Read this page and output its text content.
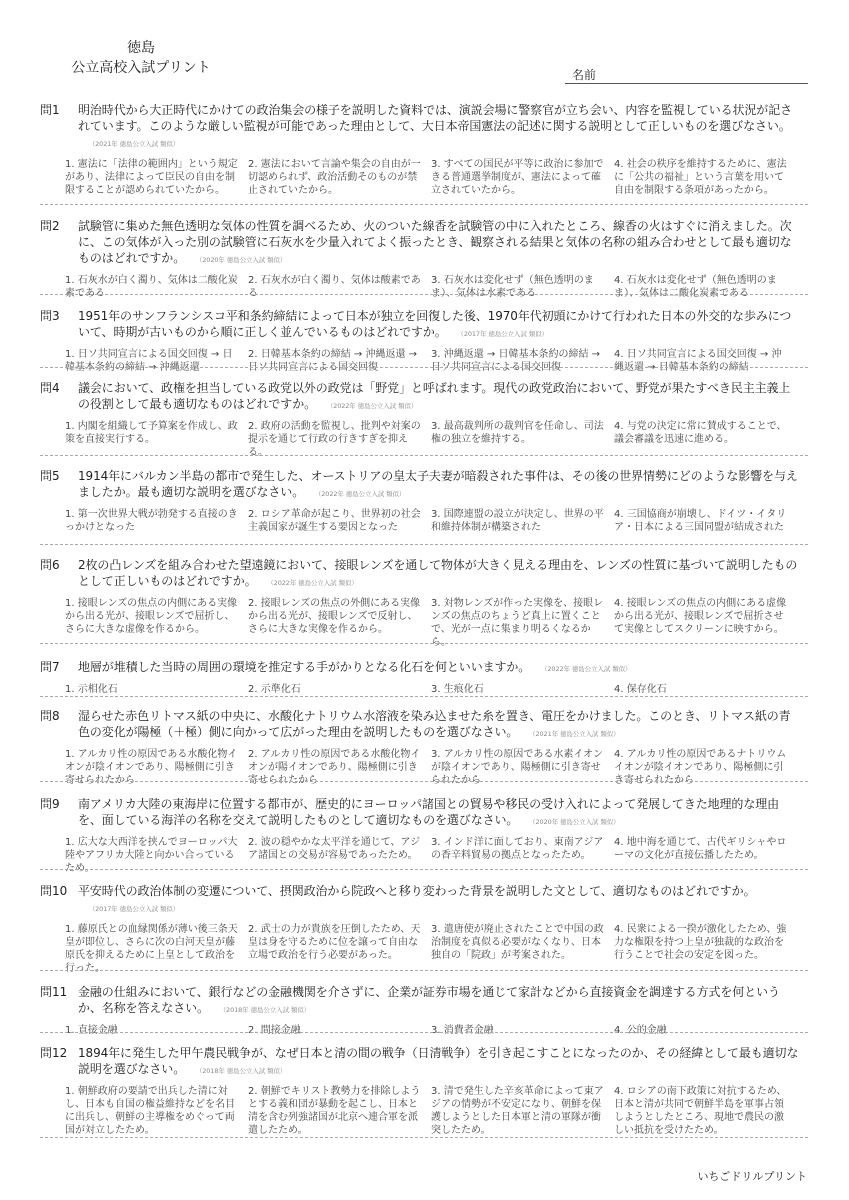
徳島
公立高校入試プリント	名前
問1	明治時代から大正時代にかけての政治集会の様子を説明した資料では、演説会場に警察官が立ち会い、内容を監視している状況が記されています。このような厳しい監視が可能であった理由として、大日本帝国憲法の記述に関する説明として正しいものを選びなさい。（2021年 徳島公立入試 類似）
1. 憲法に「法律の範囲内」という規定があり、法律によって臣民の自由を制限することが認められていたから。
2. 憲法において言論や集会の自由が一切認められず、政治活動そのものが禁止されていたから。
3. すべての国民が平等に政治に参加できる普通選挙制度が、憲法によって確立されていたから。
4. 社会の秩序を維持するために、憲法に「公共の福祉」という言葉を用いて自由を制限する条項があったから。
問2	試験管に集めた無色透明な気体の性質を調べるため、火のついた線香を試験管の中に入れたところ、線香の火はすぐに消えました。次に、この気体が入った別の試験管に石灰水を少量入れてよく振ったとき、観察される結果と気体の名称の組み合わせとして最も適切なものはどれですか。 （2020年 徳島公立入試 類似）
1. 石灰水が白く濁り、気体は二酸化炭素である
2. 石灰水が白く濁り、気体は酸素である
3. 石灰水は変化せず（無色透明のまま）、気体は水素である
4. 石灰水は変化せず（無色透明のまま）、気体は二酸化炭素である
問3	1951年のサンフランシスコ平和条約締結によって日本が独立を回復した後、1970年代初頭にかけて行われた日本の外交的な歩みについて、時期が古いものから順に正しく並んでいるものはどれですか。 （2017年 徳島公立入試 類似）
1. 日ソ共同宣言による国交回復 → 日韓基本条約の締結 → 沖縄返還
2. 日韓基本条約の締結 → 沖縄返還 → 日ソ共同宣言による国交回復
3. 沖縄返還 → 日韓基本条約の締結 → 日ソ共同宣言による国交回復
4. 日ソ共同宣言による国交回復 → 沖縄返還 → 日韓基本条約の締結
問4	議会において、政権を担当している政党以外の政党は「野党」と呼ばれます。現代の政党政治において、野党が果たすべき民主主義上の役割として最も適切なものはどれですか。 （2022年 徳島公立入試 類似）
1. 内閣を組織して予算案を作成し、政策を直接実行する。
2. 政府の活動を監視し、批判や対案の提示を通じて行政の行きすぎを抑える。
3. 最高裁判所の裁判官を任命し、司法権の独立を維持する。
4. 与党の決定に常に賛成することで、議会審議を迅速に進める。
問5	1914年にバルカン半島の都市で発生した、オーストリアの皇太子夫妻が暗殺された事件は、その後の世界情勢にどのような影響を与えましたか。最も適切な説明を選びなさい。 （2022年 徳島公立入試 類似）
1. 第一次世界大戦が勃発する直接のきっかけとなった
2. ロシア革命が起こり、世界初の社会主義国家が誕生する要因となった
3. 国際連盟の設立が決定し、世界の平和維持体制が構築された
4. 三国協商が崩壊し、ドイツ・イタリア・日本による三国同盟が結成された
問6	2枚の凸レンズを組み合わせた望遠鏡において、接眼レンズを通して物体が大きく見える理由を、レンズの性質に基づいて説明したものとして正しいものはどれですか。 （2022年 徳島公立入試 類似）
1. 接眼レンズの焦点の内側にある実像から出る光が、接眼レンズで屈折し、さらに大きな虚像を作るから。
2. 接眼レンズの焦点の外側にある実像から出る光が、接眼レンズで反射し、さらに大きな実像を作るから。
3. 対物レンズが作った実像を、接眼レンズの焦点のちょうど真上に置くことで、光が一点に集まり明るくなるから。
4. 接眼レンズの焦点の内側にある虚像から出る光が、接眼レンズで屈折させて実像としてスクリーンに映すから。
問7	地層が堆積した当時の周囲の環境を推定する手がかりとなる化石を何といいますか。 （2022年 徳島公立入試 類似）
1. 示相化石	2. 示準化石	3. 生痕化石	4. 保存化石
問8	湿らせた赤色リトマス紙の中央に、水酸化ナトリウム水溶液を染み込ませた糸を置き、電圧をかけました。このとき、リトマス紙の青色の変化が陽極（＋極）側に向かって広がった理由を説明したものを選びなさい。 （2021年 徳島公立入試 類似）
1. アルカリ性の原因である水酸化物イオンが陰イオンであり、陽極側に引き寄せられたから
2. アルカリ性の原因である水酸化物イオンが陽イオンであり、陽極側に引き寄せられたから
3. アルカリ性の原因である水素イオンが陰イオンであり、陽極側に引き寄せられたから
4. アルカリ性の原因であるナトリウムイオンが陰イオンであり、陽極側に引き寄せられたから
問9	南アメリカ大陸の東海岸に位置する都市が、歴史的にヨーロッパ諸国との貿易や移民の受け入れによって発展してきた地理的な理由を、面している海洋の名称を交えて説明したものとして適切なものを選びなさい。 （2020年 徳島公立入試 類似）
1. 広大な大西洋を挟んでヨーロッパ大陸やアフリカ大陸と向かい合っているため。
2. 波の穏やかな太平洋を通じて、アジア諸国との交易が容易であったため。
3. インド洋に面しており、東南アジアの香辛料貿易の拠点となったため。
4. 地中海を通じて、古代ギリシャやローマの文化が直接伝播したため。
問10 平安時代の政治体制の変遷について、摂関政治から院政へと移り変わった背景を説明した文として、適切なものはどれですか。（2017年 徳島公立入試 類似）
1. 藤原氏との血縁関係が薄い後三条天皇が即位し、さらに次の白河天皇が藤原氏を抑えるために上皇として政治を行った。
2. 武士の力が貴族を圧倒したため、天皇は身を守るために位を譲って自由な立場で政治を行う必要があった。
3. 遣唐使が廃止されたことで中国の政治制度を真似る必要がなくなり、日本独自の「院政」が考案された。
4. 民衆による一揆が激化したため、強力な権限を持つ上皇が独裁的な政治を行うことで社会の安定を図った。
問11 金融の仕組みにおいて、銀行などの金融機関を介さずに、企業が証券市場を通じて家計などから直接資金を調達する方式を何というか、名称を答えなさい。 （2018年 徳島公立入試 類似）
1. 直接金融	2. 間接金融	3. 消費者金融	4. 公的金融
問12 1894年に発生した甲午農民戦争が、なぜ日本と清の間の戦争（日清戦争）を引き起こすことになったのか、その経緯として最も適切な説明を選びなさい。 （2018年 徳島公立入試 類似）
1. 朝鮮政府の要請で出兵した清に対し、日本も自国の権益維持などを名目に出兵し、朝鮮の主導権をめぐって両国が対立したため。
2. 朝鮮でキリスト教勢力を排除しようとする義和団が暴動を起こし、日本と清を含む列強諸国が北京へ連合軍を派遣したため。
3. 清で発生した辛亥革命によって東アジアの情勢が不安定になり、朝鮮を保護しようとした日本軍と清の軍隊が衝突したため。
4. ロシアの南下政策に対抗するため、日本と清が共同で朝鮮半島を軍事占領しようとしたところ、現地で農民の激しい抵抗を受けたため。
いちごドリルプリント
